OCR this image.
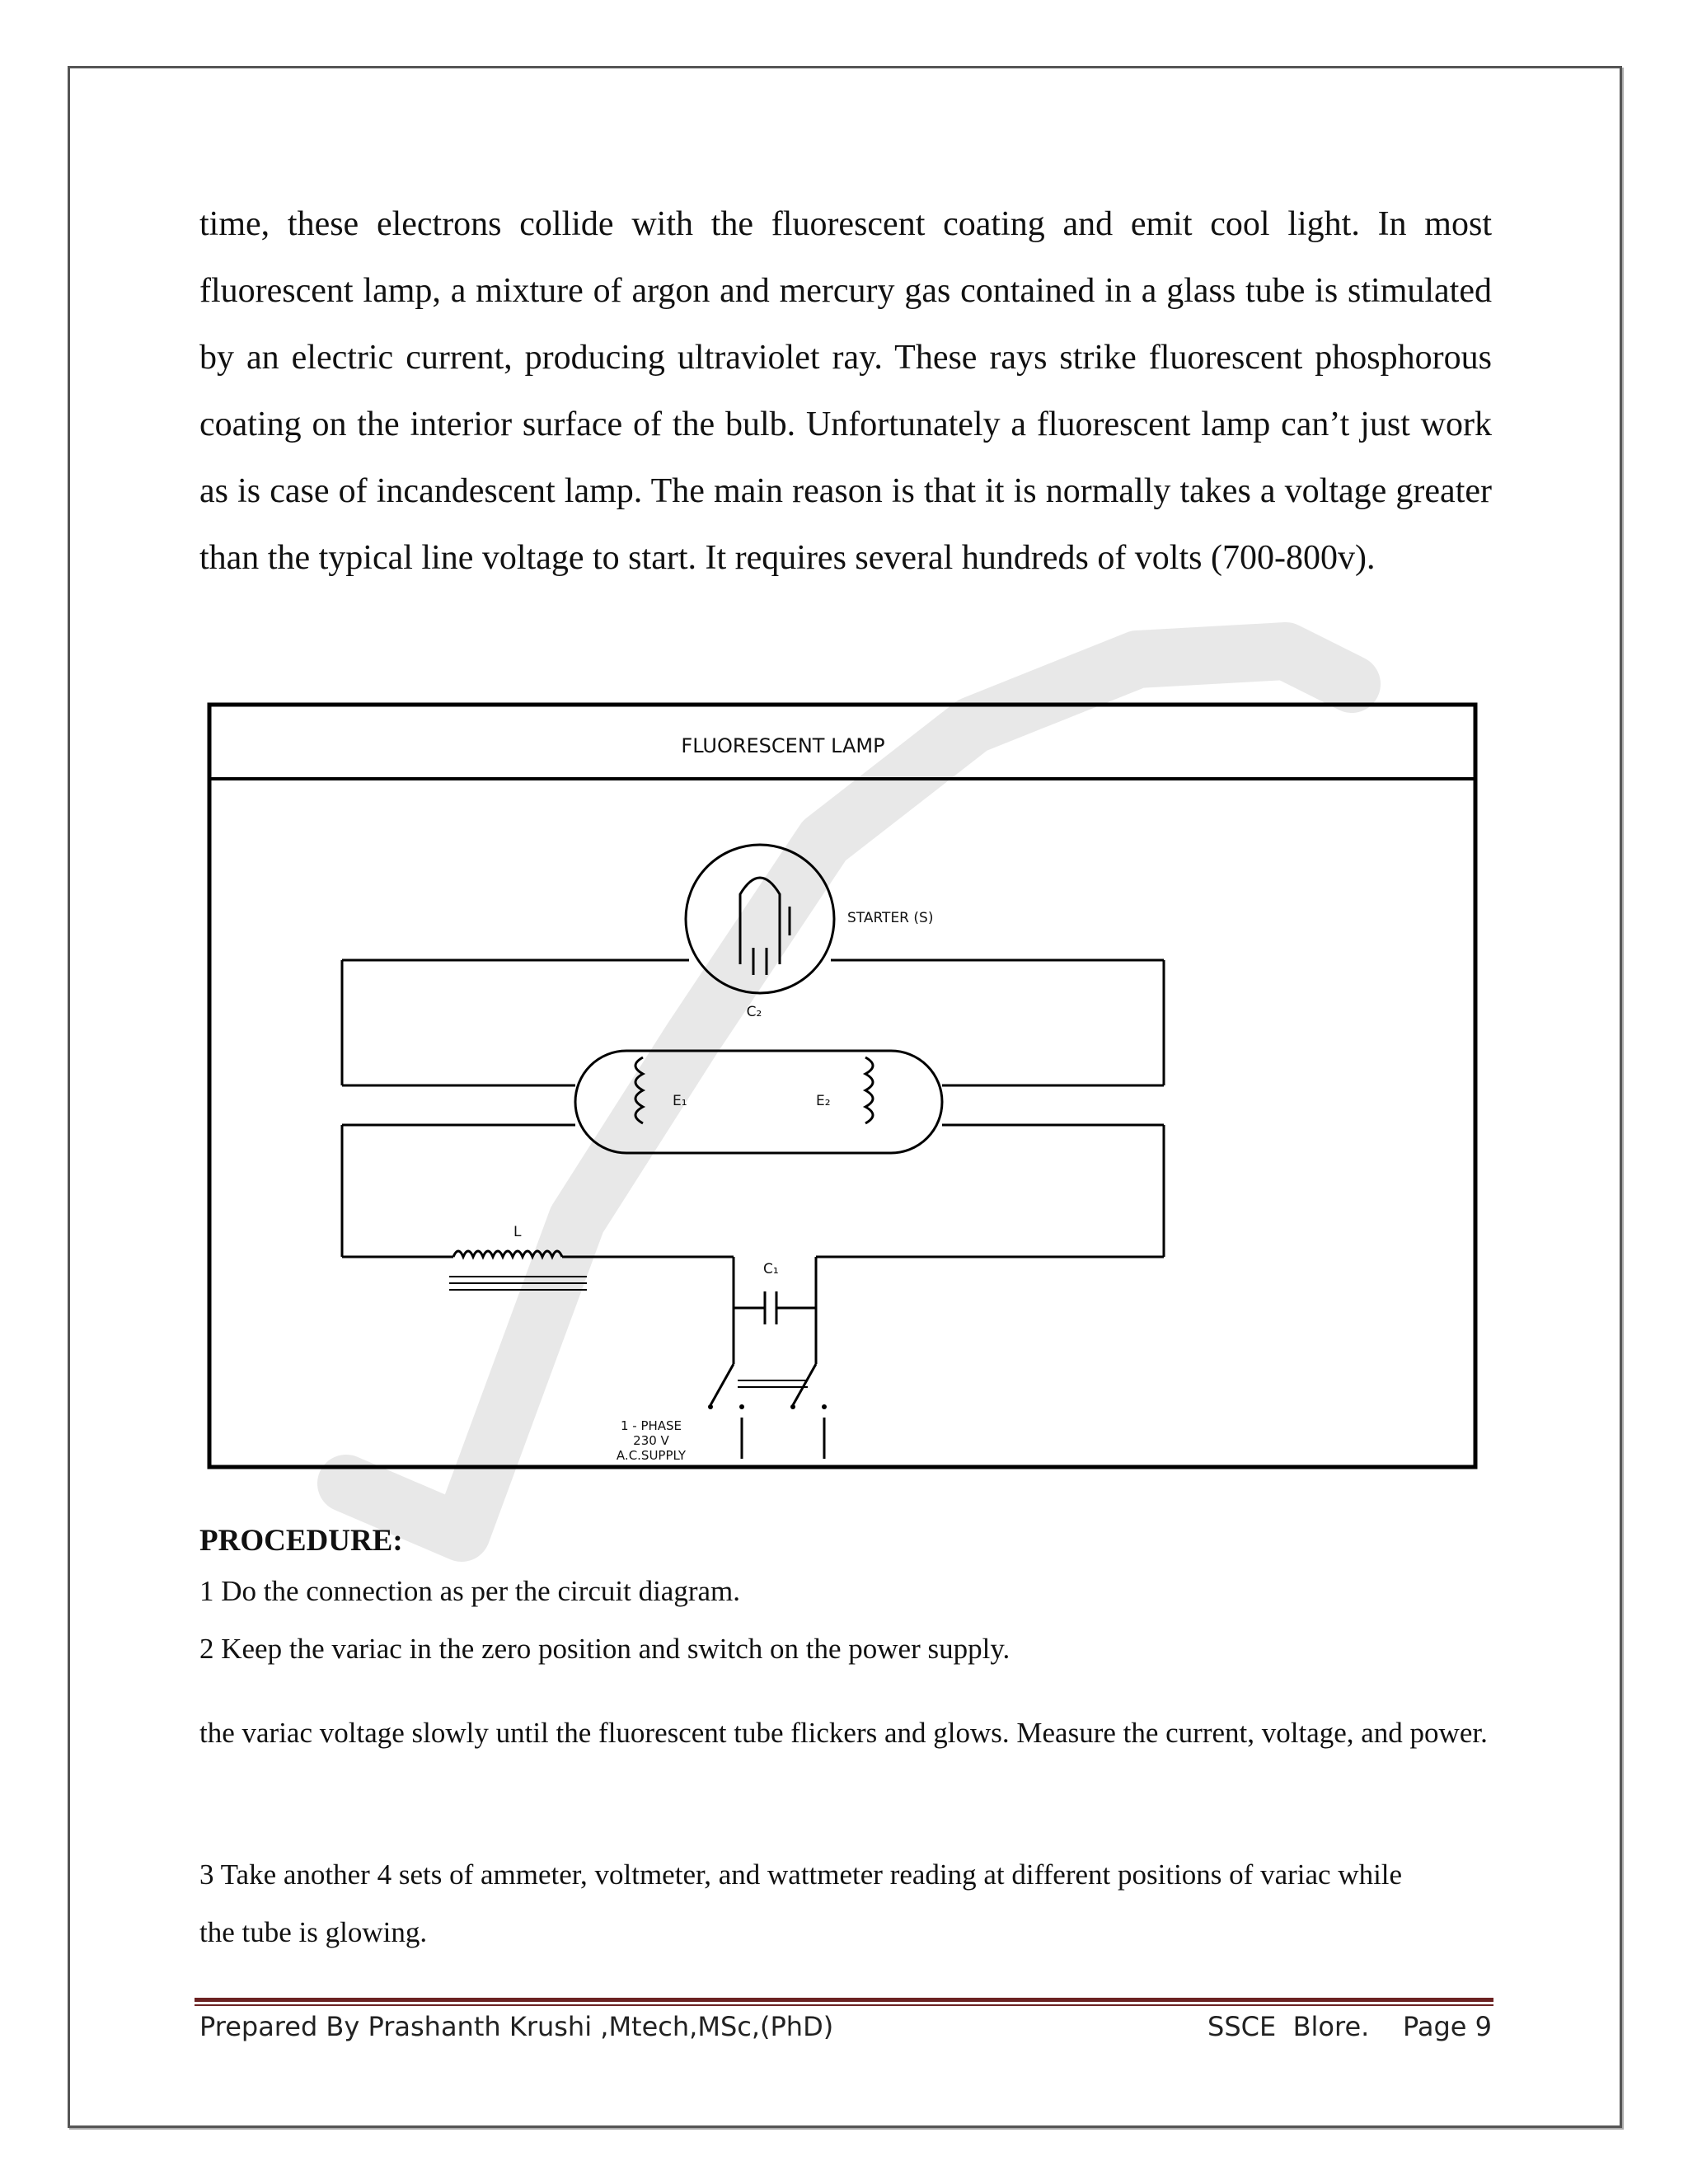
time, these electrons collide with the fluorescent coating and emit cool light. In most fluorescent lamp, a mixture of argon and mercury gas contained in a glass tube is stimulated by an electric current, producing ultraviolet ray. These rays strike fluorescent phosphorous coating on the interior surface of the bulb. Unfortunately a fluorescent lamp can’t just work as is case of incandescent lamp. The main reason is that it is normally takes a voltage greater than the typical line voltage to start. It requires several hundreds of volts (700-800v).

FLUORESCENT LAMP
STARTER (S)
C₂
E₁	E₂
L
C₁
1 - PHASE
230 V
A.C.SUPPLY

PROCEDURE:

1 Do the connection as per the circuit diagram.

2 Keep the variac in the zero position and switch on the power supply.

the variac voltage slowly until the fluorescent tube flickers and glows. Measure the current, voltage, and power.

3 Take another 4 sets of ammeter, voltmeter, and wattmeter reading at different positions of variac while the tube is glowing.

Prepared By Prashanth Krushi ,Mtech,MSc,(PhD)	SSCE  Blore.    Page 9
